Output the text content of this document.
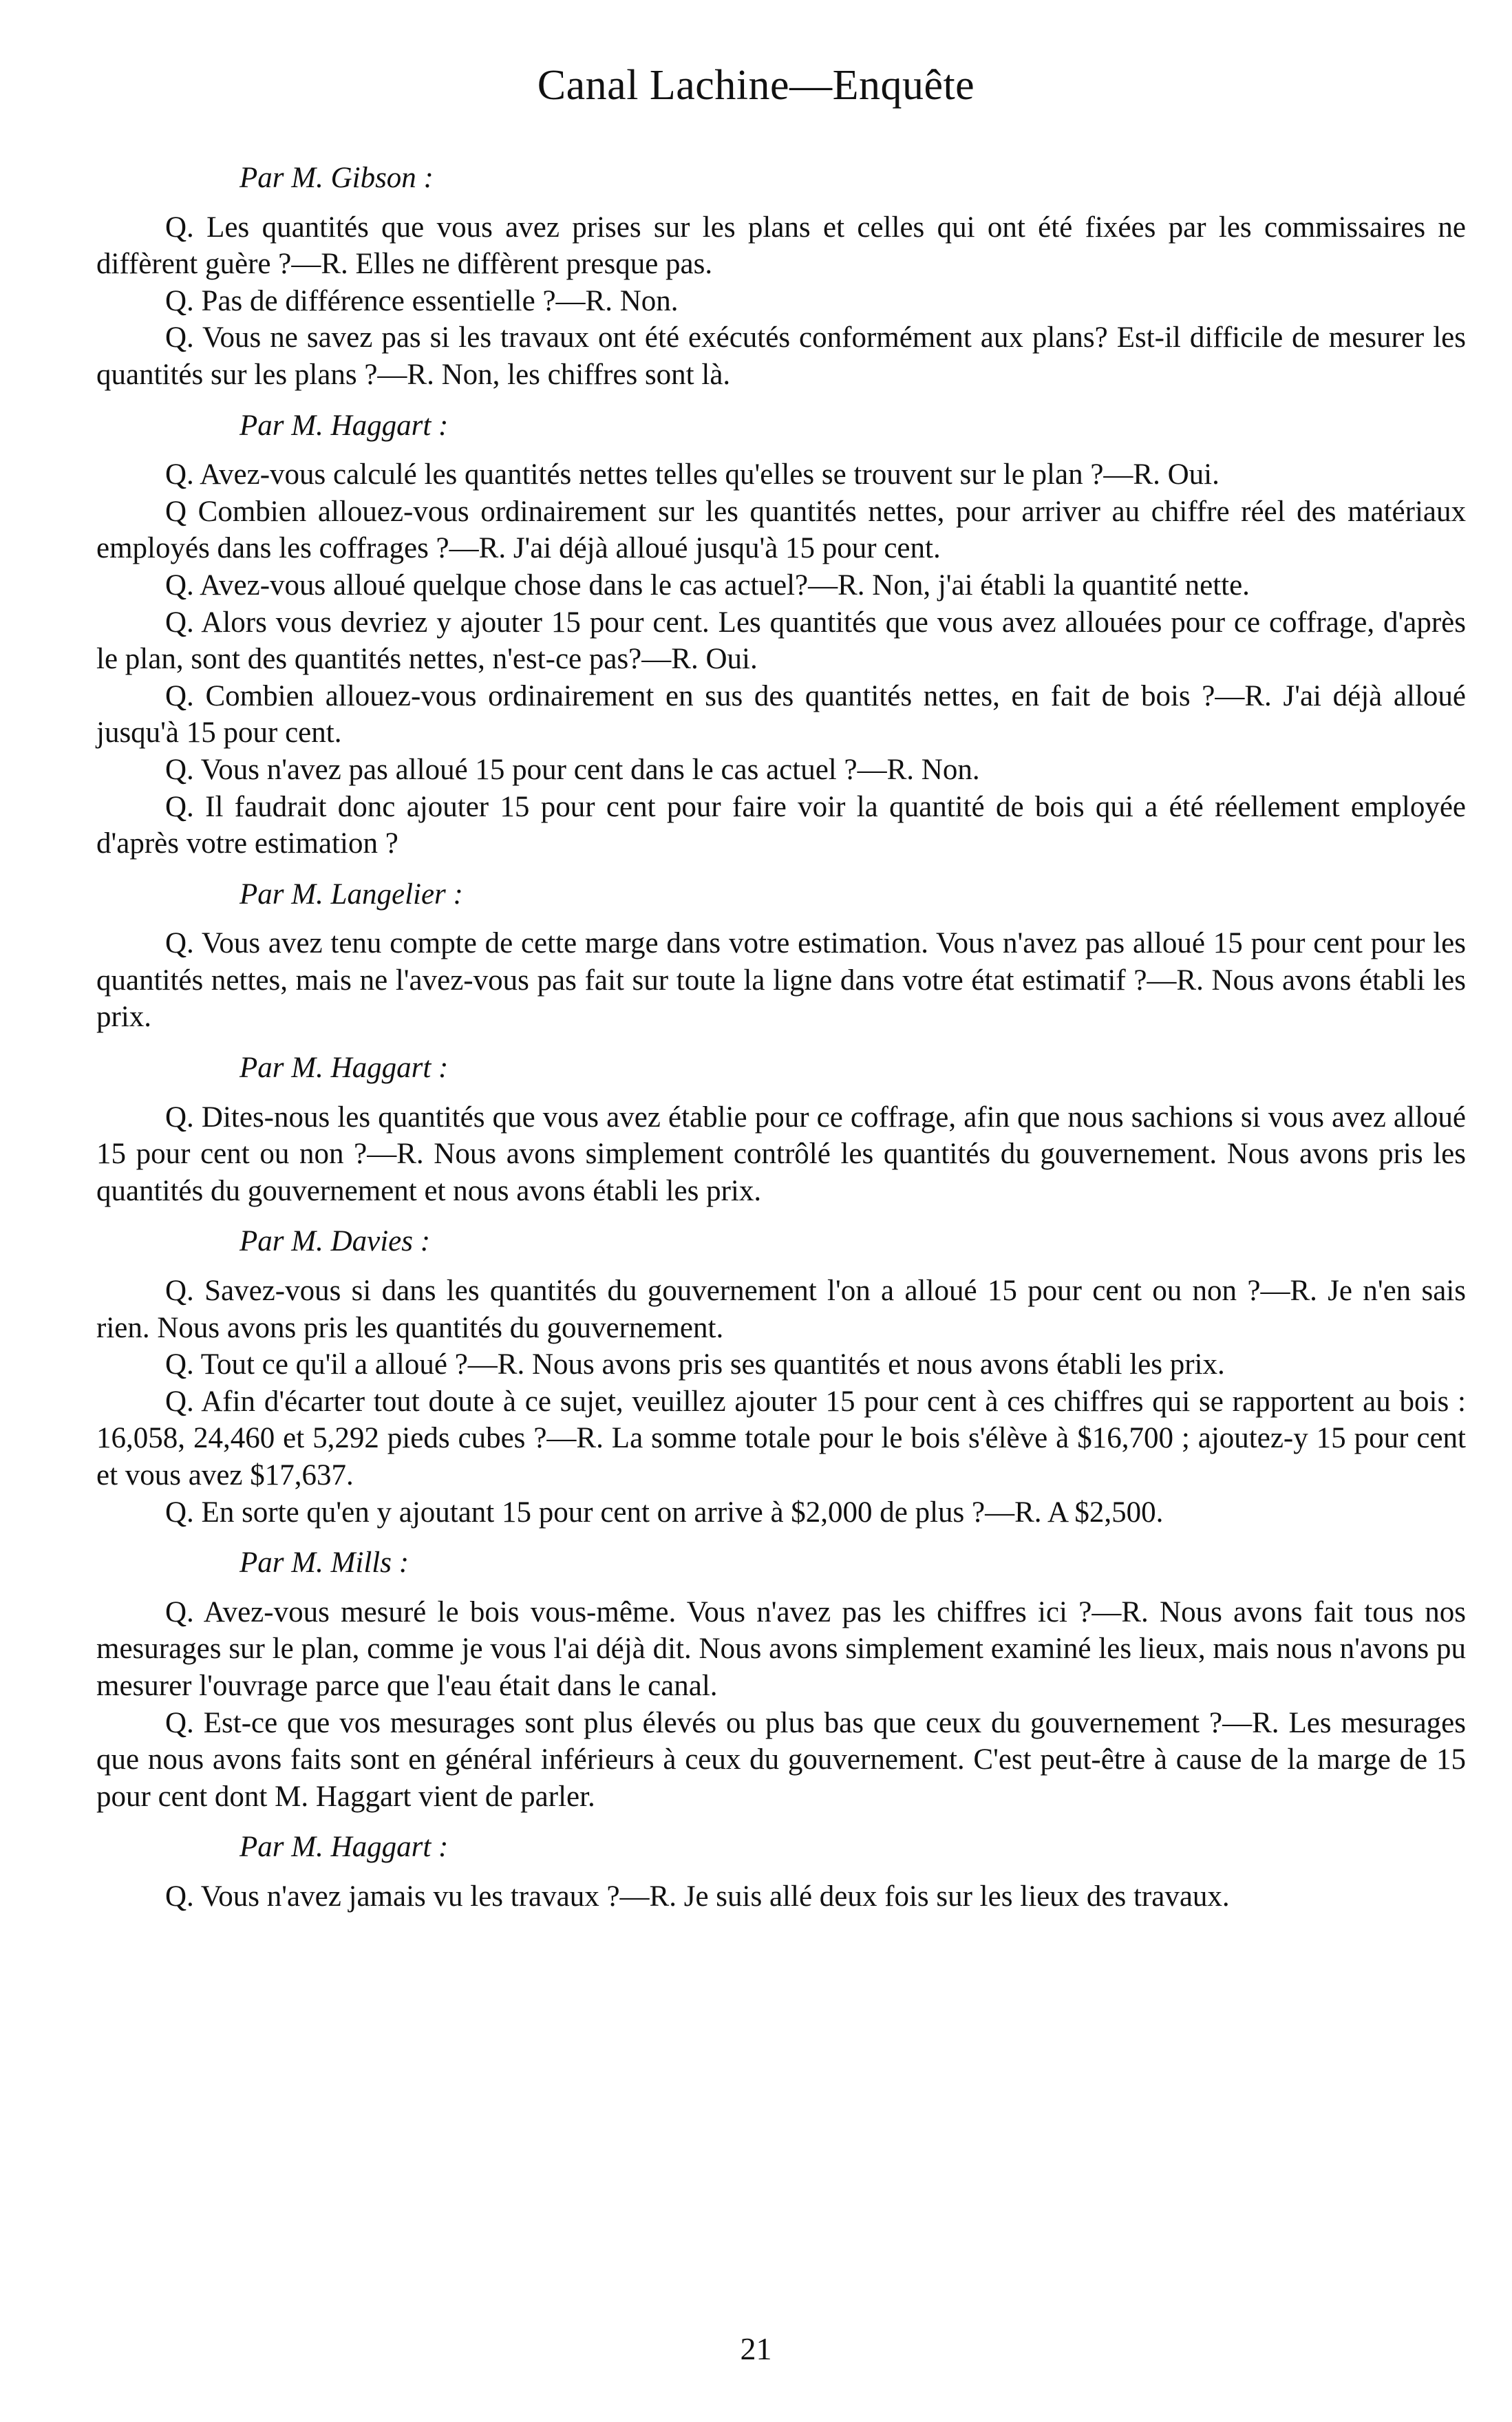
Canal Lachine—Enquête
Par M. Gibson :

Q. Les quantités que vous avez prises sur les plans et celles qui ont été fixées par les commissaires ne diffèrent guère ?—R. Elles ne diffèrent presque pas.

Q. Pas de différence essentielle ?—R. Non.

Q. Vous ne savez pas si les travaux ont été exécutés conformément aux plans? Est-il difficile de mesurer les quantités sur les plans ?—R. Non, les chiffres sont là.

Par M. Haggart :

Q. Avez-vous calculé les quantités nettes telles qu'elles se trouvent sur le plan ?—R. Oui.

Q Combien allouez-vous ordinairement sur les quantités nettes, pour arriver au chiffre réel des matériaux employés dans les coffrages ?—R. J'ai déjà alloué jusqu'à 15 pour cent.

Q. Avez-vous alloué quelque chose dans le cas actuel?—R. Non, j'ai établi la quantité nette.

Q. Alors vous devriez y ajouter 15 pour cent. Les quantités que vous avez allouées pour ce coffrage, d'après le plan, sont des quantités nettes, n'est-ce pas?—R. Oui.

Q. Combien allouez-vous ordinairement en sus des quantités nettes, en fait de bois ?—R. J'ai déjà alloué jusqu'à 15 pour cent.

Q. Vous n'avez pas alloué 15 pour cent dans le cas actuel ?—R. Non.

Q. Il faudrait donc ajouter 15 pour cent pour faire voir la quantité de bois qui a été réellement employée d'après votre estimation ?

Par M. Langelier :

Q. Vous avez tenu compte de cette marge dans votre estimation. Vous n'avez pas alloué 15 pour cent pour les quantités nettes, mais ne l'avez-vous pas fait sur toute la ligne dans votre état estimatif ?—R. Nous avons établi les prix.

Par M. Haggart :

Q. Dites-nous les quantités que vous avez établie pour ce coffrage, afin que nous sachions si vous avez alloué 15 pour cent ou non ?—R. Nous avons simplement contrôlé les quantités du gouvernement. Nous avons pris les quantités du gouvernement et nous avons établi les prix.

Par M. Davies :

Q. Savez-vous si dans les quantités du gouvernement l'on a alloué 15 pour cent ou non ?—R. Je n'en sais rien. Nous avons pris les quantités du gouvernement.

Q. Tout ce qu'il a alloué ?—R. Nous avons pris ses quantités et nous avons établi les prix.

Q. Afin d'écarter tout doute à ce sujet, veuillez ajouter 15 pour cent à ces chiffres qui se rapportent au bois : 16,058, 24,460 et 5,292 pieds cubes ?—R. La somme totale pour le bois s'élève à $16,700 ; ajoutez-y 15 pour cent et vous avez $17,637.

Q. En sorte qu'en y ajoutant 15 pour cent on arrive à $2,000 de plus ?—R. A $2,500.

Par M. Mills :

Q. Avez-vous mesuré le bois vous-même. Vous n'avez pas les chiffres ici ?—R. Nous avons fait tous nos mesurages sur le plan, comme je vous l'ai déjà dit. Nous avons simplement examiné les lieux, mais nous n'avons pu mesurer l'ouvrage parce que l'eau était dans le canal.

Q. Est-ce que vos mesurages sont plus élevés ou plus bas que ceux du gouvernement ?—R. Les mesurages que nous avons faits sont en général inférieurs à ceux du gouvernement. C'est peut-être à cause de la marge de 15 pour cent dont M. Haggart vient de parler.

Par M. Haggart :

Q. Vous n'avez jamais vu les travaux ?—R. Je suis allé deux fois sur les lieux des travaux.

21
